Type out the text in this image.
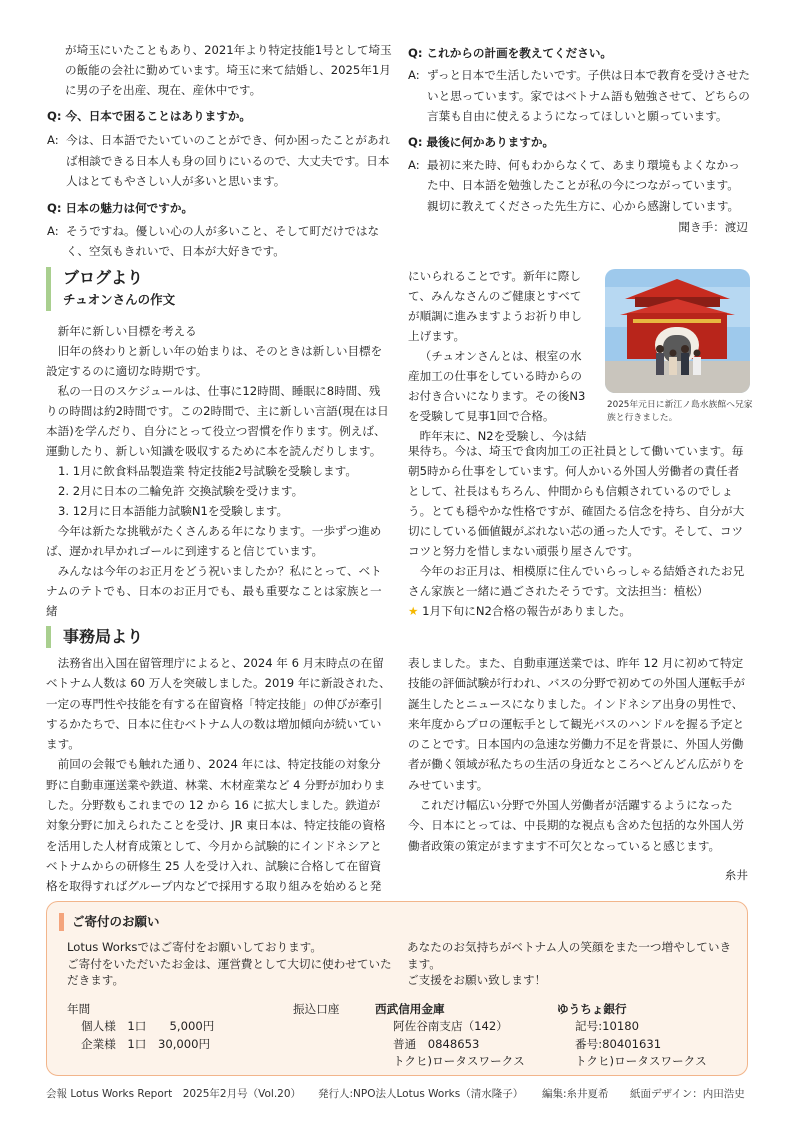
が埼玉にいたこともあり、2021年より特定技能1号として埼玉

の飯能の会社に勤めています。埼玉に来て結婚し、2025年1月

に男の子を出産、現在、産休中です。

Q: 今、日本で困ることはありますか。

A: 今は、日本語でたいていのことができ、何か困ったことがあれば相談できる日本人も身の回りにいるので、大丈夫です。日本人はとてもやさしい人が多いと思います。

Q: 日本の魅力は何ですか。

A: そうですね。優しい心の人が多いこと、そして町だけではなく、空気もきれいで、日本が大好きです。

Q: これからの計画を教えてください。

A: ずっと日本で生活したいです。子供は日本で教育を受けさせたいと思っています。家ではベトナム語も勉強させて、どちらの言葉も自由に使えるようになってほしいと願っています。

Q: 最後に何かありますか。

A: 最初に来た時、何もわからなくて、あまり環境もよくなかった中、日本語を勉強したことが私の今につながっています。親切に教えてくださった先生方に、心から感謝しています。

聞き手：渡辺
ブログより
チュオンさんの作文

新年に新しい目標を考える

旧年の終わりと新しい年の始まりは、そのときは新しい目標を設定するのに適切な時期です。

私の一日のスケジュールは、仕事に12時間、睡眠に8時間、残りの時間は約2時間です。この2時間で、主に新しい言語(現在は日本語)を学んだり、自分にとって役立つ習慣を作ります。例えば、運動したり、新しい知識を吸収するために本を読んだりします。

1. 1月に飲食料品製造業 特定技能2号試験を受験します。

2. 2月に日本の二輪免許 交換試験を受けます。

3. 12月に日本語能力試験N1を受験します。

今年は新たな挑戦がたくさんある年になります。一歩ずつ進めば、遅かれ早かれゴールに到達すると信じています。

みんなは今年のお正月をどう祝いましたか？私にとって、ベトナムのテトでも、日本のお正月でも、最も重要なことは家族と一緒

にいられることです。新年に際して、みんなさんのご健康とすべてが順調に進みますようお祈り申し上げます。

（チュオンさんとは、根室の水産加工の仕事をしている時からのお付き合いになります。その後N3を受験して見事1回で合格。

昨年末に、N2を受験し、今は結

2025年元日に新江ノ島水族館へ兄家族と行きました。

果待ち。今は、埼玉で食肉加工の正社員として働いています。毎朝5時から仕事をしています。何人かいる外国人労働者の責任者として、社長はもちろん、仲間からも信頼されているのでしょう。とても穏やかな性格ですが、確固たる信念を持ち、自分が大切にしている価値観がぶれない芯の通った人です。そして、コツコツと努力を惜しまない頑張り屋さんです。

今年のお正月は、相模原に住んでいらっしゃる結婚されたお兄さん家族と一緒に過ごされたそうです。文法担当：植松）

★ 1月下旬にN2合格の報告がありました。

事務局より

法務省出入国在留管理庁によると、2024 年 6 月末時点の在留ベトナム人数は 60 万人を突破しました。2019 年に新設された、一定の専門性や技能を有する在留資格「特定技能」の伸びが牽引するかたちで、日本に住むベトナム人の数は増加傾向が続いています。

前回の会報でも触れた通り、2024 年には、特定技能の対象分野に自動車運送業や鉄道、林業、木材産業など 4 分野が加わりました。分野数もこれまでの 12 から 16 に拡大しました。鉄道が対象分野に加えられたことを受け、JR 東日本は、特定技能の資格を活用した人材育成策として、今月から試験的にインドネシアとベトナムからの研修生 25 人を受け入れ、試験に合格して在留資格を取得すればグループ内などで採用する取り組みを始めると発

表しました。また、自動車運送業では、昨年 12 月に初めて特定技能の評価試験が行われ、バスの分野で初めての外国人運転手が誕生したとニュースになりました。インドネシア出身の男性で、来年度からプロの運転手として観光バスのハンドルを握る予定とのことです。日本国内の急速な労働力不足を背景に、外国人労働者が働く領域が私たちの生活の身近なところへどんどん広がりをみせています。

これだけ幅広い分野で外国人労働者が活躍するようになった今、日本にとっては、中長期的な視点も含めた包括的な外国人労働者政策の策定がますます不可欠となっていると感じます。

糸井
ご寄付のお願い
Lotus Worksではご寄付をお願いしております。
ご寄付をいただいたお金は、運営費として大切に使わせていただきます。
あなたのお気持ちがベトナム人の笑顔をまた一つ増やしていきます。
ご支援をお願い致します！
年間
個人様　1口　　5,000円
企業様　1口　30,000円
振込口座	西武信用金庫
阿佐谷南支店（142）
普通　0848653
トクヒ)ロータスワークス
ゆうちょ銀行
記号:10180
番号:80401631
トクヒ)ロータスワークス
会報 Lotus Works Report　2025年2月号（Vol.20） 発行人:NPO法人Lotus Works（清水隆子） 編集:糸井夏希 紙面デザイン：内田浩史
